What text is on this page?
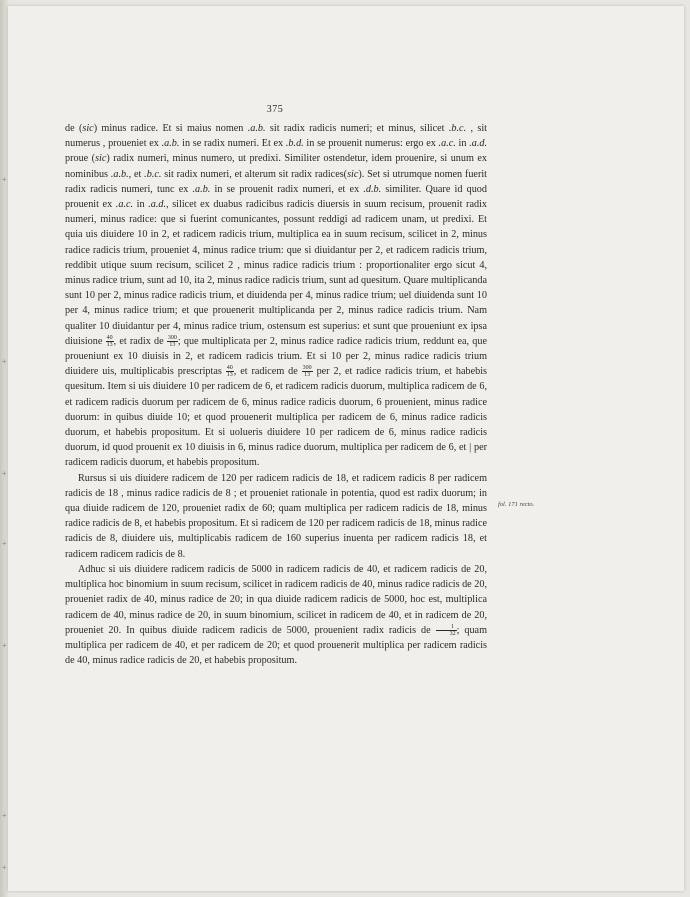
+
+
+
+
+
+
+
375

de (sic) minus radice. Et si maius nomen .a.b. sit radix radicis numeri; et minus, silicet .b.c. , sit numerus , proueniet ex .a.b. in se radix numeri. Et ex .b.d. in se prouenit numerus: ergo ex .a.c. in .a.d. proue (sic) radix numeri, minus numero, ut predixi. Similiter ostendetur, idem prouenire, si unum ex nominibus .a.b., et .b.c. sit radix numeri, et alterum sit radix radices(sic). Set si utrumque nomen fuerit radix radicis numeri, tunc ex .a.b. in se prouenit radix numeri, et ex .d.b. similiter. Quare id quod prouenit ex .a.c. in .a.d., silicet ex duabus radicibus radicis diuersis in suum recisum, prouenit radix numeri, minus radice: que si fuerint comunicantes, possunt reddigi ad radicem unam, ut predixi. Et quia uis diuidere 10 in 2, et radicem radicis trium, multiplica ea in suum recisum, scilicet in 2, minus radice radicis trium, proueniet 4, minus radice trium: que si diuidantur per 2, et radicem radicis trium, reddibit utique suum recisum, scilicet 2 , minus radice radicis trium : proportionaliter ergo sicut 4, minus radice trium, sunt ad 10, ita 2, minus radice radicis trium, sunt ad quesitum. Quare multiplicanda sunt 10 per 2, minus radice radicis trium, et diuidenda per 4, minus radice trium; uel diuidenda sunt 10 per 4, minus radice trium; et que prouenerit multiplicanda per 2, minus radice radicis trium. Nam qualiter 10 diuidantur per 4, minus radice trium, ostensum est superius: et sunt que proueniunt ex ipsa diuisione $\frac{40}{13}$ , et radix de $\frac{300}{13}$ ; que multiplicata per 2, minus radice radice radicis trium, reddunt ea, que proueniunt ex 10 diuisis in 2, et radicem radicis trium. Et si 10 per 2, minus radice radicis trium diuidere uis, multiplicabis prescriptas $\frac{40}{13}$ , et radicem de $\frac{300}{13}$ per 2, et radice radicis trium, et habebis quesitum. Item si uis diuidere 10 per radicem de 6, et radicem radicis duorum, multiplica radicem de 6, et radicem radicis duorum per radicem de 6, minus radice radicis duorum, 6 prouenient, minus radice duorum: in quibus diuide 10; et quod prouenerit multiplica per radicem de 6, minus radice radicis duorum, et habebis propositum. Et si uolueris diuidere 10 per radicem de 6, minus radice radicis duorum, id quod prouenit ex 10 diuisis in 6, minus radice duorum, multiplica per radicem de 6, et | per radicem radicis duorum, et habebis propositum.

Rursus si uis diuidere radicem de 120 per radicem radicis de 18, et radicem radicis 8 per radicem radicis de 18 , minus radice radicis de 8 ; et proueniet rationale in potentia, quod est radix duorum; in qua diuide radicem de 120, proueniet radix de 60; quam multiplica per radicem radicis de 18, minus radice radicis de 8, et habebis propositum. Et si radicem de 120 per radicem radicis de 18, minus radice radicis de 8, diuidere uis, multiplicabis radicem de 160 superius inuenta per radicem radicis 18, et radicem radicem radicis de 8.

Adhuc si uis diuidere radicem radicis de 5000 in radicem radicis de 40, et radicem radicis de 20, multiplica hoc binomium in suum recisum, scilicet in radicem radicis de 40, minus radice radicis de 20, proueniet radix de 40, minus radice de 20; in qua diuide radicem radicis de 5000, hoc est, multiplica radicem de 40, minus radice de 20, in suum binomium, scilicet in radicem de 40, et in radicem de 20, proueniet 20. In quibus diuide radicem radicis de 5000, prouenient radix radicis de $\frac{1}{32}$ ; quam multiplica per radicem de 40, et per radicem de 20; et quod prouenerit multiplica per radicem radicis de 40, minus radice radicis de 20, et habebis propositum.

fol. 171 recto.
